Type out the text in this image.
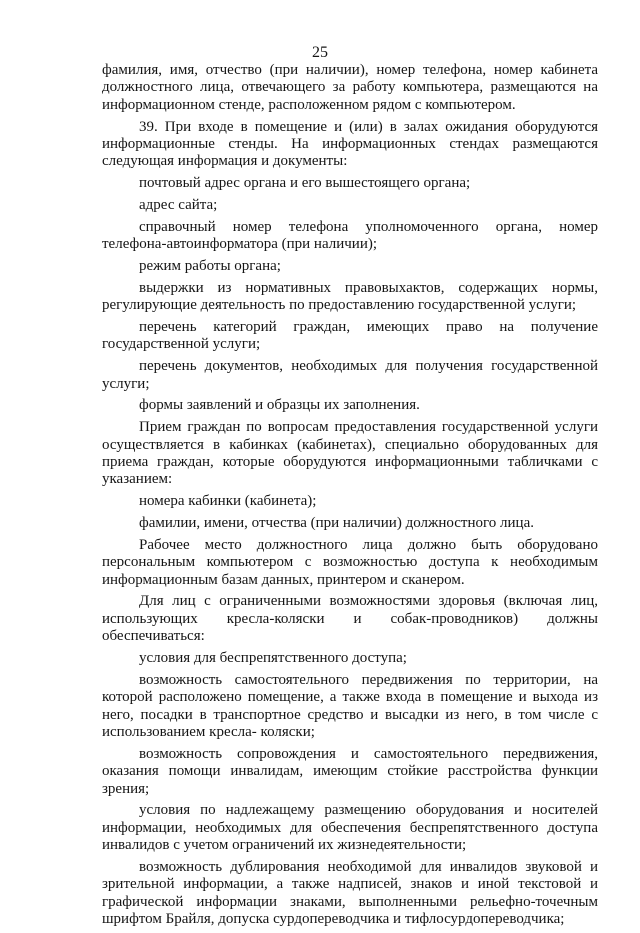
25

фамилия, имя, отчество (при наличии), номер телефона, номер кабинета должностного лица, отвечающего за работу компьютера, размещаются на информационном стенде, расположенном рядом с компьютером.

39. При входе в помещение и (или) в залах ожидания оборудуются информационные стенды. На информационных стендах размещаются следующая информация и документы:

почтовый адрес органа и его вышестоящего органа;

адрес сайта;

справочный номер телефона уполномоченного органа, номер телефона-автоинформатора (при наличии);

режим работы органа;

выдержки из нормативных правовыхактов, содержащих нормы, регулирующие деятельность по предоставлению государственной услуги;

перечень категорий граждан, имеющих право на получение государственной услуги;

перечень документов, необходимых для получения государственной услуги;

формы заявлений и образцы их заполнения.

Прием граждан по вопросам предоставления государственной услуги осуществляется в кабинках (кабинетах), специально оборудованных для приема граждан, которые оборудуются информационными табличками с указанием:

номера кабинки (кабинета);

фамилии, имени, отчества (при наличии) должностного лица.

Рабочее место должностного лица должно быть оборудовано персональным компьютером с возможностью доступа к необходимым информационным базам данных, принтером и сканером.

Для лиц с ограниченными возможностями здоровья (включая лиц, использующих кресла-коляски и собак-проводников) должны обеспечиваться:

условия для беспрепятственного доступа;

возможность самостоятельного передвижения по территории, на которой расположено помещение, а также входа в помещение и выхода из него, посадки в транспортное средство и высадки из него, в том числе с использованием кресла- коляски;

возможность сопровождения и самостоятельного передвижения, оказания помощи инвалидам, имеющим стойкие расстройства функции зрения;

условия по надлежащему размещению оборудования и носителей информации, необходимых для обеспечения беспрепятственного доступа инвалидов с учетом ограничений их жизнедеятельности;

возможность дублирования необходимой для инвалидов звуковой и зрительной информации, а также надписей, знаков и иной текстовой и графической информации знаками, выполненными рельефно-точечным шрифтом Брайля, допуска сурдопереводчика и тифлосурдопереводчика;
